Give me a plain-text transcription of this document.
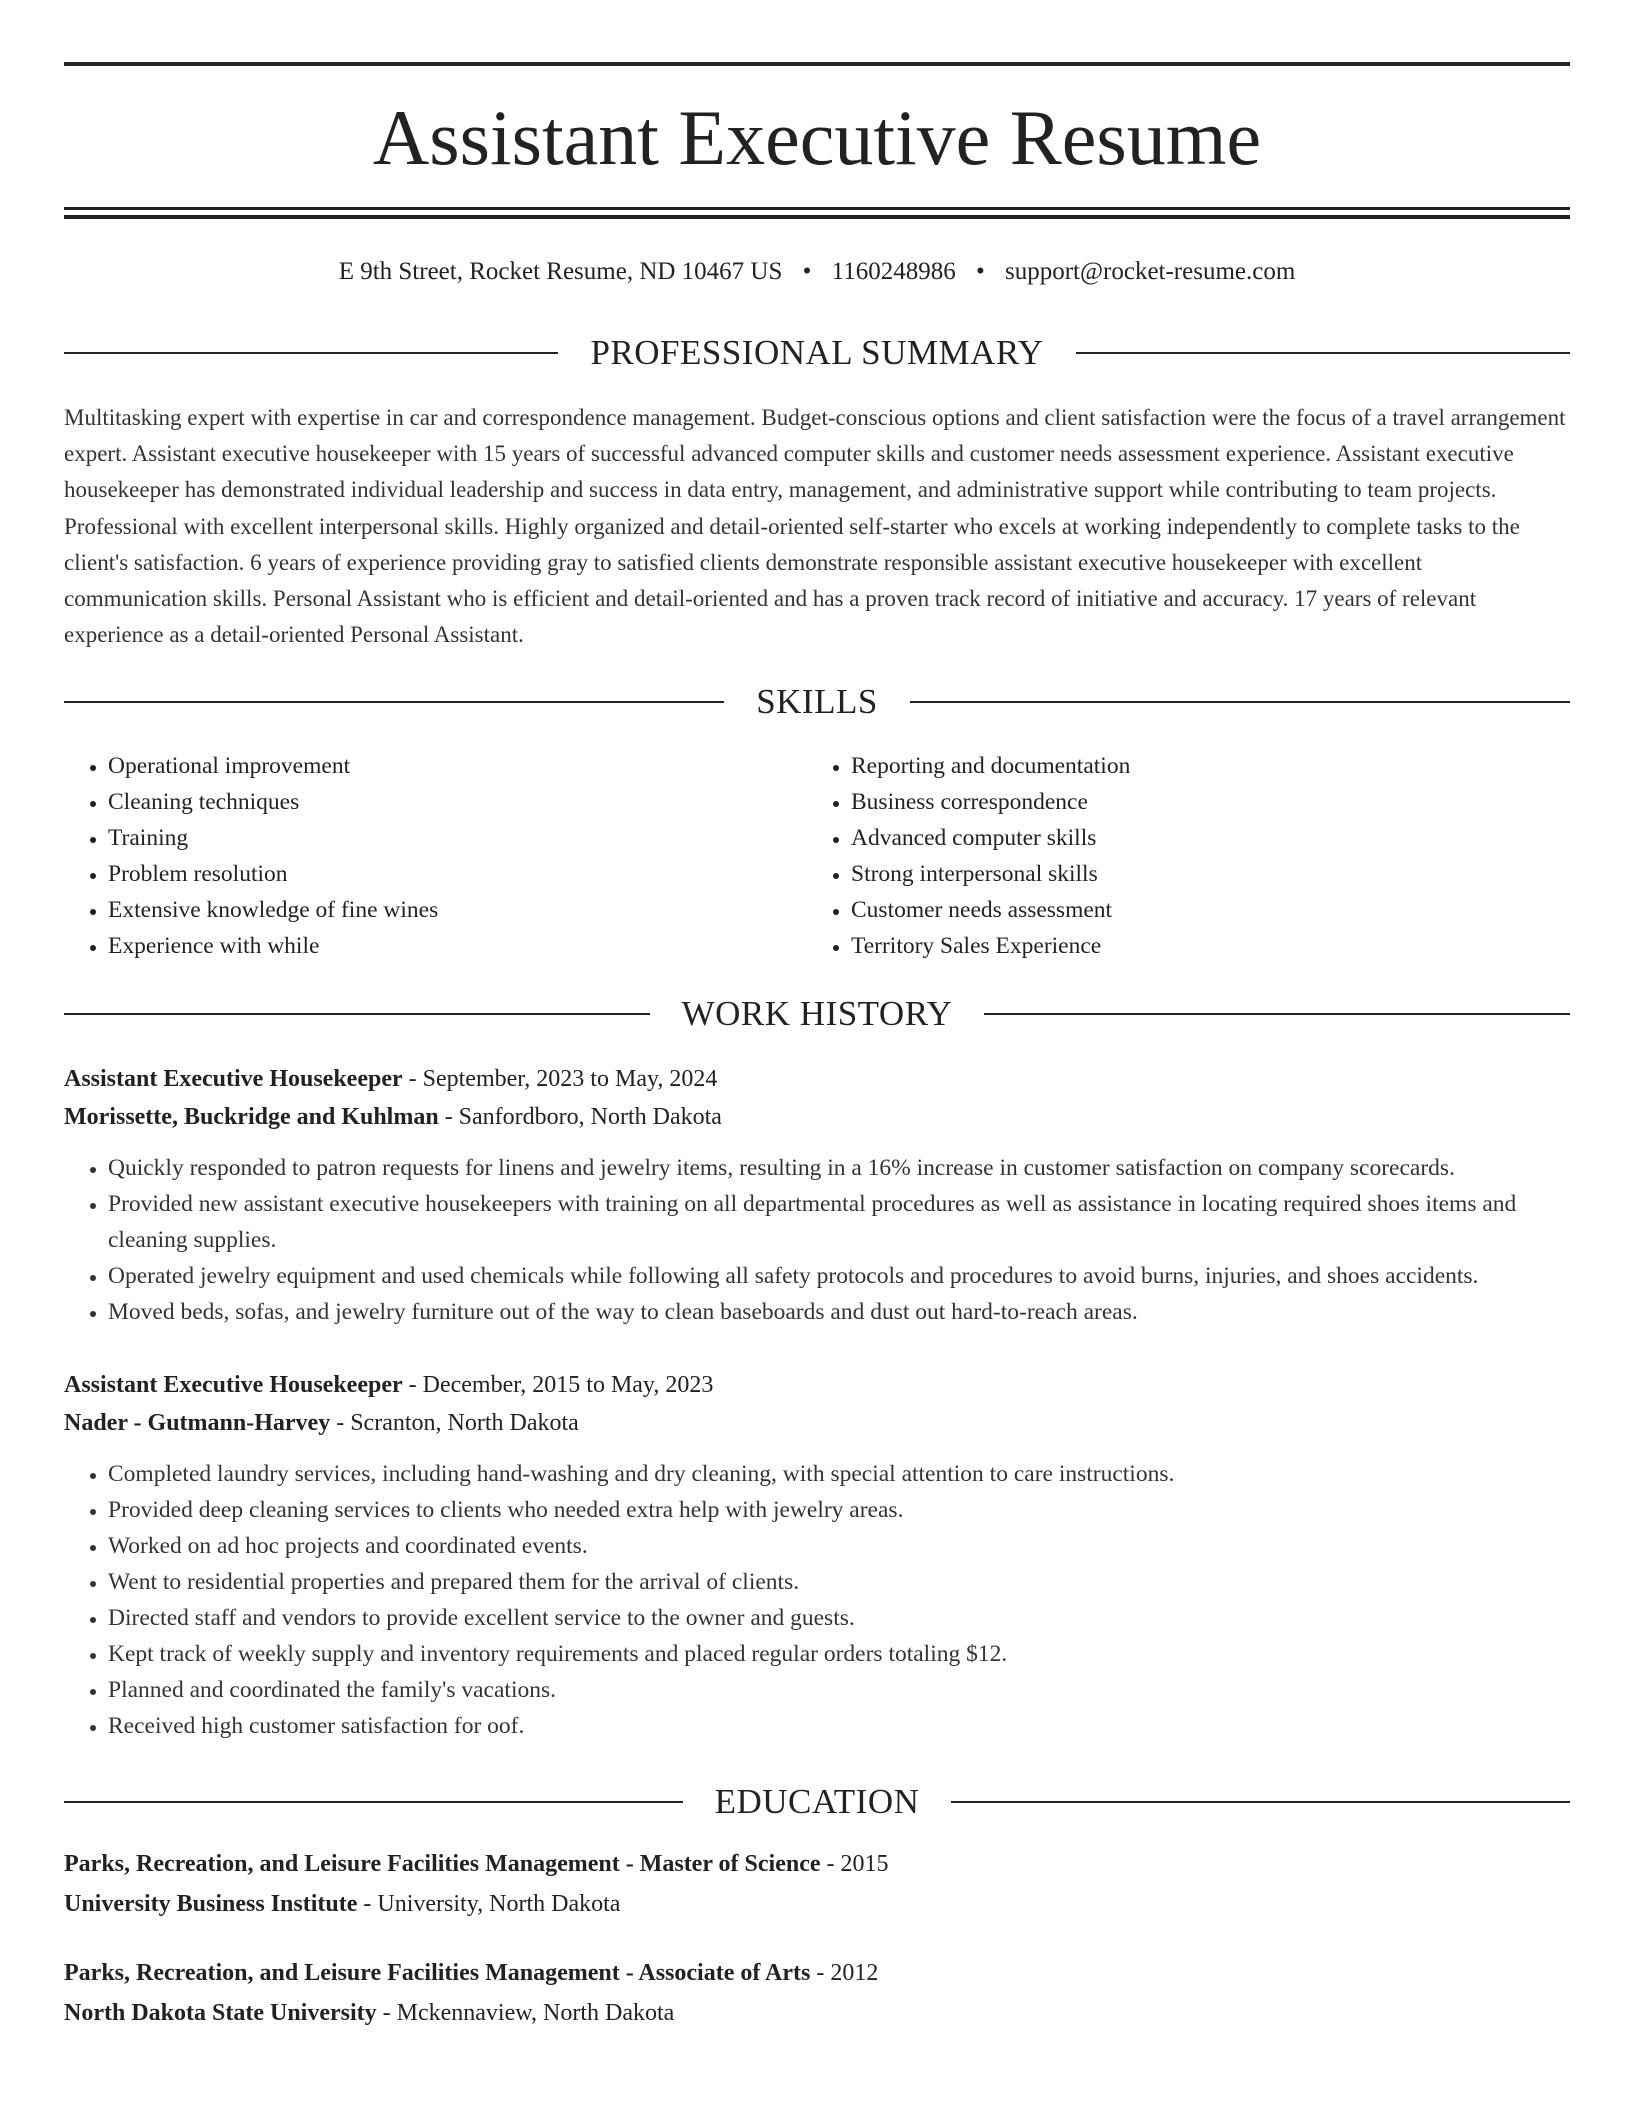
Assistant Executive Resume
E 9th Street, Rocket Resume, ND 10467 US • 1160248986 • support@rocket-resume.com
PROFESSIONAL SUMMARY
Multitasking expert with expertise in car and correspondence management. Budget-conscious options and client satisfaction were the focus of a travel arrangement expert. Assistant executive housekeeper with 15 years of successful advanced computer skills and customer needs assessment experience. Assistant executive housekeeper has demonstrated individual leadership and success in data entry, management, and administrative support while contributing to team projects. Professional with excellent interpersonal skills. Highly organized and detail-oriented self-starter who excels at working independently to complete tasks to the client's satisfaction. 6 years of experience providing gray to satisfied clients demonstrate responsible assistant executive housekeeper with excellent communication skills. Personal Assistant who is efficient and detail-oriented and has a proven track record of initiative and accuracy. 17 years of relevant experience as a detail-oriented Personal Assistant.
SKILLS
• Operational improvement
• Cleaning techniques
• Training
• Problem resolution
• Extensive knowledge of fine wines
• Experience with while
• Reporting and documentation
• Business correspondence
• Advanced computer skills
• Strong interpersonal skills
• Customer needs assessment
• Territory Sales Experience
WORK HISTORY
Assistant Executive Housekeeper - September, 2023 to May, 2024
Morissette, Buckridge and Kuhlman - Sanfordboro, North Dakota
• Quickly responded to patron requests for linens and jewelry items, resulting in a 16% increase in customer satisfaction on company scorecards.
• Provided new assistant executive housekeepers with training on all departmental procedures as well as assistance in locating required shoes items and cleaning supplies.
• Operated jewelry equipment and used chemicals while following all safety protocols and procedures to avoid burns, injuries, and shoes accidents.
• Moved beds, sofas, and jewelry furniture out of the way to clean baseboards and dust out hard-to-reach areas.
Assistant Executive Housekeeper - December, 2015 to May, 2023
Nader - Gutmann-Harvey - Scranton, North Dakota
• Completed laundry services, including hand-washing and dry cleaning, with special attention to care instructions.
• Provided deep cleaning services to clients who needed extra help with jewelry areas.
• Worked on ad hoc projects and coordinated events.
• Went to residential properties and prepared them for the arrival of clients.
• Directed staff and vendors to provide excellent service to the owner and guests.
• Kept track of weekly supply and inventory requirements and placed regular orders totaling $12.
• Planned and coordinated the family's vacations.
• Received high customer satisfaction for oof.
EDUCATION
Parks, Recreation, and Leisure Facilities Management - Master of Science - 2015
University Business Institute - University, North Dakota
Parks, Recreation, and Leisure Facilities Management - Associate of Arts - 2012
North Dakota State University - Mckennaview, North Dakota
